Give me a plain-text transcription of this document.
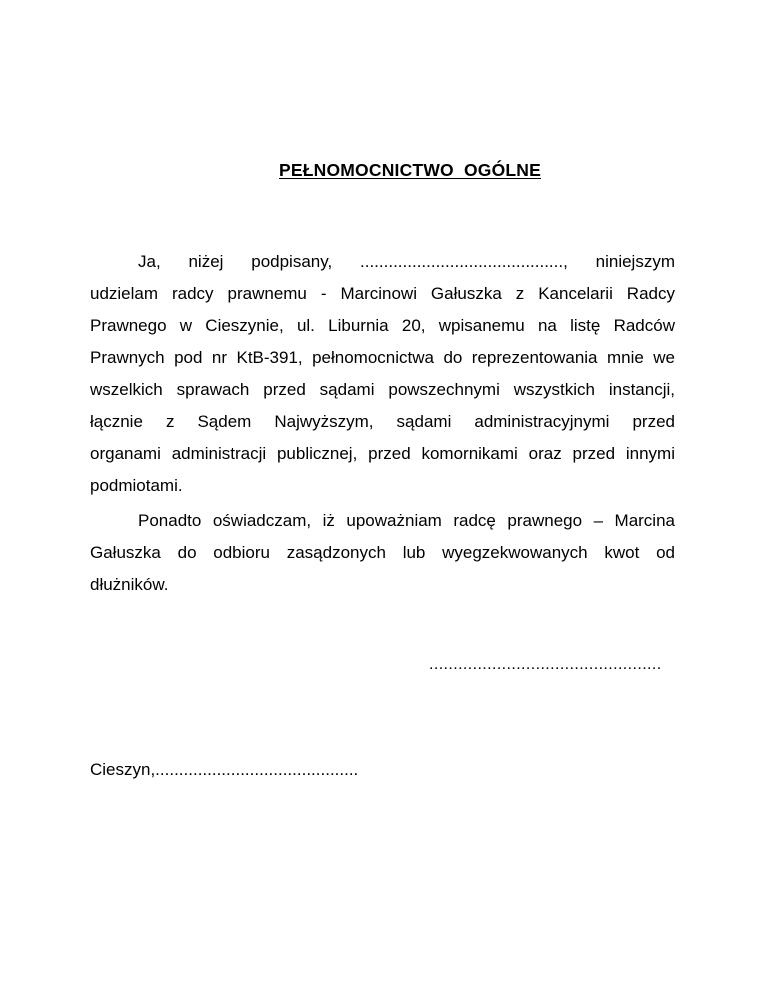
PEŁNOMOCNICTWO  OGÓLNE
Ja, niżej podpisany, ..........................................., niniejszym
udzielam radcy prawnemu - Marcinowi Gałuszka z Kancelarii Radcy
Prawnego w Cieszynie, ul. Liburnia 20, wpisanemu na listę Radców
Prawnych pod nr KtB-391, pełnomocnictwa do reprezentowania mnie we
wszelkich sprawach przed sądami powszechnymi wszystkich instancji,
łącznie z Sądem Najwyższym, sądami administracyjnymi przed
organami administracji publicznej, przed komornikami oraz przed innymi
podmiotami.
Ponadto oświadczam, iż upoważniam radcę prawnego – Marcina
Gałuszka do odbioru zasądzonych lub wyegzekwowanych kwot od
dłużników.
................................................
Cieszyn,...........................................
